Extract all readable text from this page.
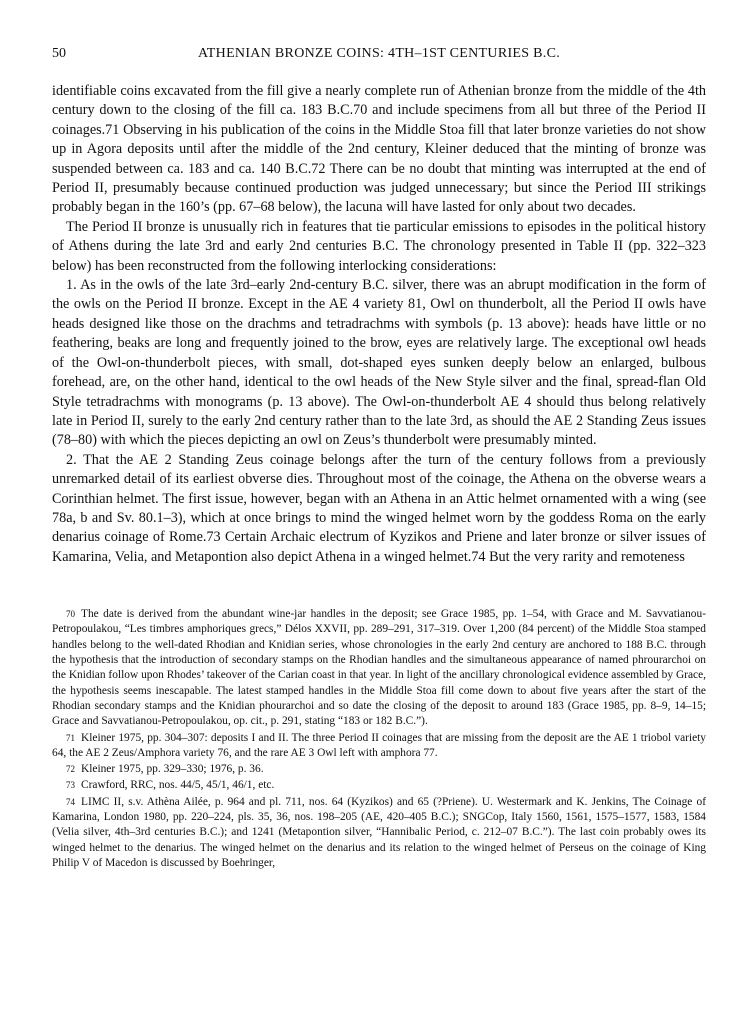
50	ATHENIAN BRONZE COINS: 4TH–1ST CENTURIES B.C.

identifiable coins excavated from the fill give a nearly complete run of Athenian bronze from the middle of the 4th century down to the closing of the fill ca. 183 B.C.70 and include specimens from all but three of the Period II coinages.71 Observing in his publication of the coins in the Middle Stoa fill that later bronze varieties do not show up in Agora deposits until after the middle of the 2nd century, Kleiner deduced that the minting of bronze was suspended between ca. 183 and ca. 140 B.C.72 There can be no doubt that minting was interrupted at the end of Period II, presumably because continued production was judged unnecessary; but since the Period III strikings probably began in the 160’s (pp. 67–68 below), the lacuna will have lasted for only about two decades.

The Period II bronze is unusually rich in features that tie particular emissions to episodes in the political history of Athens during the late 3rd and early 2nd centuries B.C. The chronology presented in Table II (pp. 322–323 below) has been reconstructed from the following interlocking considerations:

1. As in the owls of the late 3rd–early 2nd-century B.C. silver, there was an abrupt modification in the form of the owls on the Period II bronze. Except in the AE 4 variety 81, Owl on thunderbolt, all the Period II owls have heads designed like those on the drachms and tetradrachms with symbols (p. 13 above): heads have little or no feathering, beaks are long and frequently joined to the brow, eyes are relatively large. The exceptional owl heads of the Owl-on-thunderbolt pieces, with small, dot-shaped eyes sunken deeply below an enlarged, bulbous forehead, are, on the other hand, identical to the owl heads of the New Style silver and the final, spread-flan Old Style tetradrachms with monograms (p. 13 above). The Owl-on-thunderbolt AE 4 should thus belong relatively late in Period II, surely to the early 2nd century rather than to the late 3rd, as should the AE 2 Standing Zeus issues (78–80) with which the pieces depicting an owl on Zeus’s thunderbolt were presumably minted.

2. That the AE 2 Standing Zeus coinage belongs after the turn of the century follows from a previously unremarked detail of its earliest obverse dies. Throughout most of the coinage, the Athena on the obverse wears a Corinthian helmet. The first issue, however, began with an Athena in an Attic helmet ornamented with a wing (see 78a, b and Sv. 80.1–3), which at once brings to mind the winged helmet worn by the goddess Roma on the early denarius coinage of Rome.73 Certain Archaic electrum of Kyzikos and Priene and later bronze or silver issues of Kamarina, Velia, and Metapontion also depict Athena in a winged helmet.74 But the very rarity and remoteness

70 The date is derived from the abundant wine-jar handles in the deposit; see Grace 1985, pp. 1–54, with Grace and M. Savvatianou-Petropoulakou, “Les timbres amphoriques grecs,” Délos XXVII, pp. 289–291, 317–319. Over 1,200 (84 percent) of the Middle Stoa stamped handles belong to the well-dated Rhodian and Knidian series, whose chronologies in the early 2nd century are anchored to 188 B.C. through the hypothesis that the introduction of secondary stamps on the Rhodian handles and the simultaneous appearance of named phrourarchoi on the Knidian follow upon Rhodes’ takeover of the Carian coast in that year. In light of the ancillary chronological evidence assembled by Grace, the hypothesis seems inescapable. The latest stamped handles in the Middle Stoa fill come down to about five years after the start of the Rhodian secondary stamps and the Knidian phourarchoi and so date the closing of the deposit to around 183 (Grace 1985, pp. 8–9, 14–15; Grace and Savvatianou-Petropoulakou, op. cit., p. 291, stating “183 or 182 B.C.”).

71 Kleiner 1975, pp. 304–307: deposits I and II. The three Period II coinages that are missing from the deposit are the AE 1 triobol variety 64, the AE 2 Zeus/Amphora variety 76, and the rare AE 3 Owl left with amphora 77.

72 Kleiner 1975, pp. 329–330; 1976, p. 36.

73 Crawford, RRC, nos. 44/5, 45/1, 46/1, etc.

74 LIMC II, s.v. Athèna Ailée, p. 964 and pl. 711, nos. 64 (Kyzikos) and 65 (?Priene). U. Westermark and K. Jenkins, The Coinage of Kamarina, London 1980, pp. 220–224, pls. 35, 36, nos. 198–205 (AE, 420–405 B.C.); SNGCop, Italy 1560, 1561, 1575–1577, 1583, 1584 (Velia silver, 4th–3rd centuries B.C.); and 1241 (Metapontion silver, “Hannibalic Period, c. 212–07 B.C.”). The last coin probably owes its winged helmet to the denarius. The winged helmet on the denarius and its relation to the winged helmet of Perseus on the coinage of King Philip V of Macedon is discussed by Boehringer,
